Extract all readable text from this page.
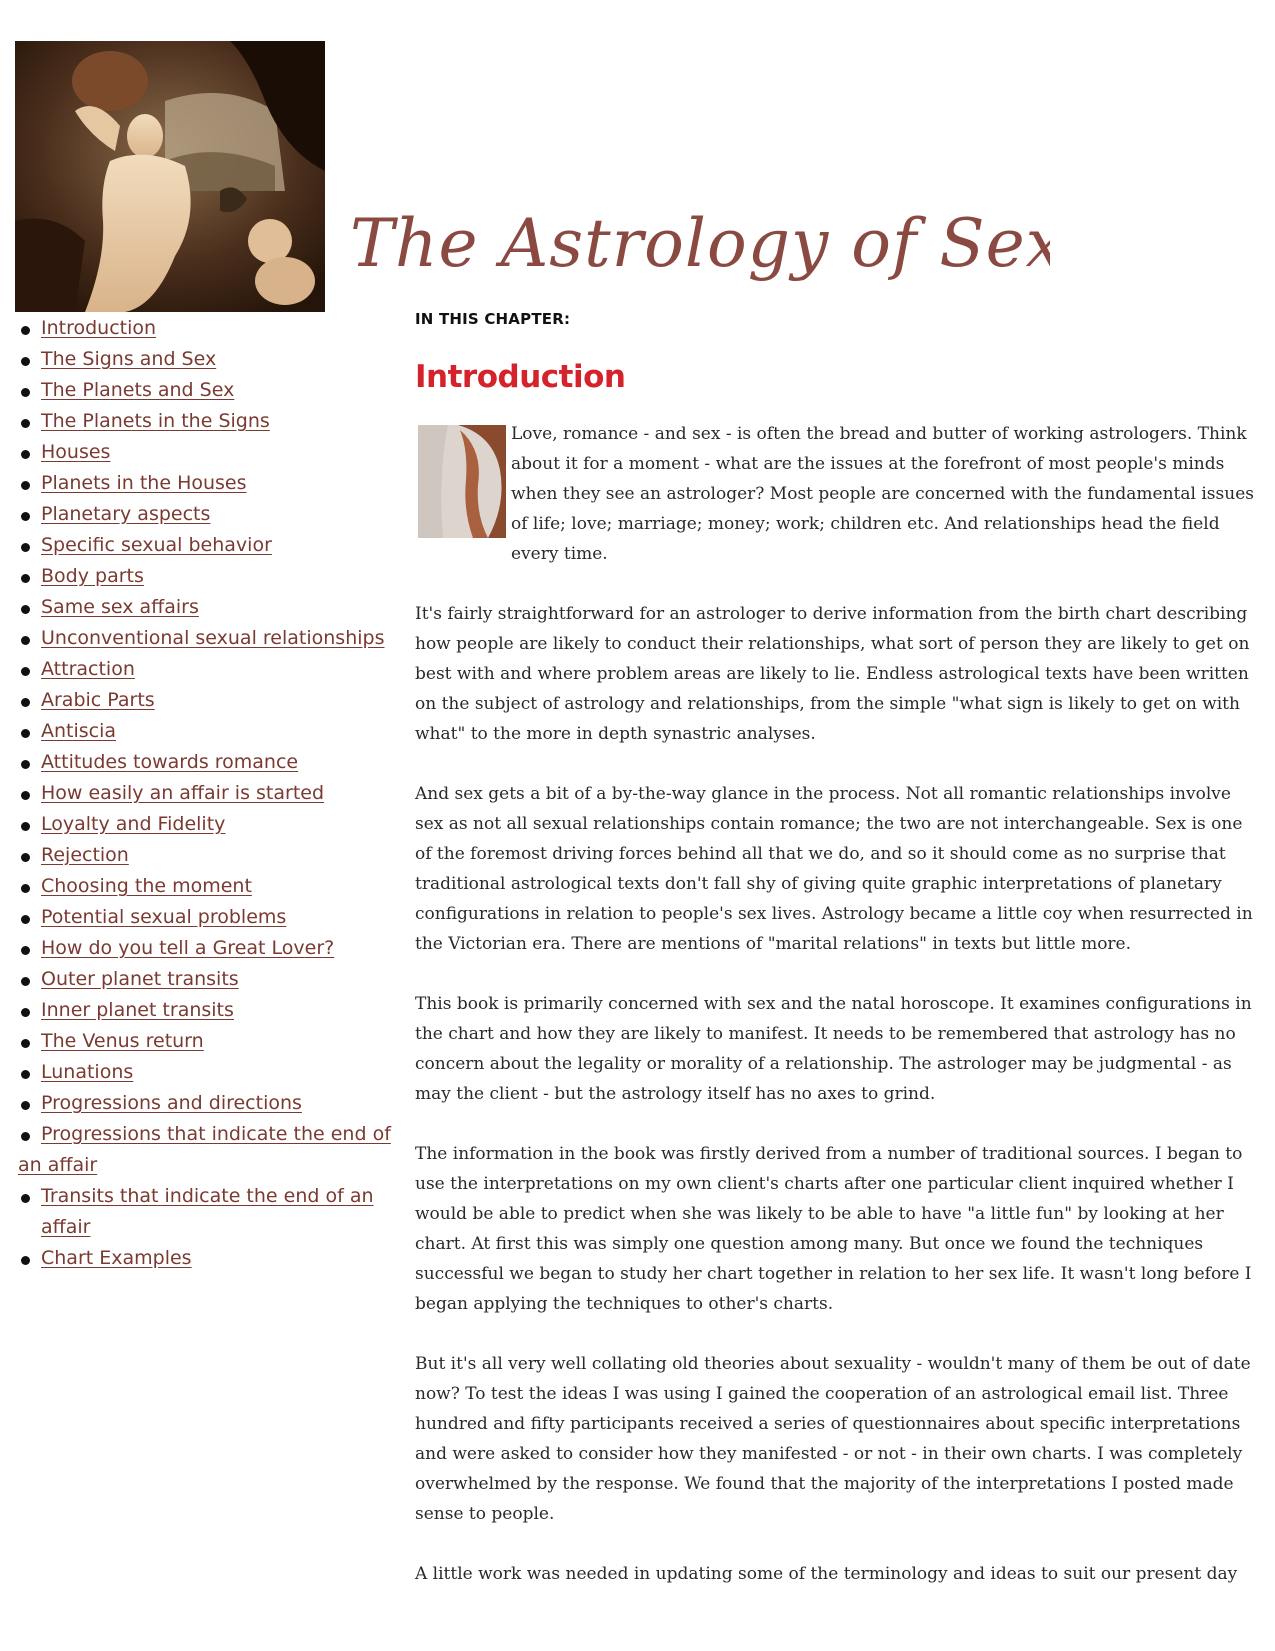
The Astrology of Sex
Introduction
The Signs and Sex
The Planets and Sex
The Planets in the Signs
Houses
Planets in the Houses
Planetary aspects
Specific sexual behavior
Body parts
Same sex affairs
Unconventional sexual relationships
Attraction
Arabic Parts
Antiscia
Attitudes towards romance
How easily an affair is started
Loyalty and Fidelity
Rejection
Choosing the moment
Potential sexual problems
How do you tell a Great Lover?
Outer planet transits
Inner planet transits
The Venus return
Lunations
Progressions and directions
Progressions that indicate the end of an affair
Transits that indicate the end of an affair
Chart Examples

IN THIS CHAPTER:

Introduction

Love, romance - and sex - is often the bread and butter of working astrologers. Think about it for a moment - what are the issues at the forefront of most people's minds when they see an astrologer? Most people are concerned with the fundamental issues of life; love; marriage; money; work; children etc. And relationships head the field every time.

It's fairly straightforward for an astrologer to derive information from the birth chart describing how people are likely to conduct their relationships, what sort of person they are likely to get on best with and where problem areas are likely to lie. Endless astrological texts have been written on the subject of astrology and relationships, from the simple "what sign is likely to get on with what" to the more in depth synastric analyses.

And sex gets a bit of a by-the-way glance in the process. Not all romantic relationships involve sex as not all sexual relationships contain romance; the two are not interchangeable. Sex is one of the foremost driving forces behind all that we do, and so it should come as no surprise that traditional astrological texts don't fall shy of giving quite graphic interpretations of planetary configurations in relation to people's sex lives. Astrology became a little coy when resurrected in the Victorian era. There are mentions of "marital relations" in texts but little more.

This book is primarily concerned with sex and the natal horoscope. It examines configurations in the chart and how they are likely to manifest. It needs to be remembered that astrology has no concern about the legality or morality of a relationship. The astrologer may be judgmental - as may the client - but the astrology itself has no axes to grind.

The information in the book was firstly derived from a number of traditional sources. I began to use the interpretations on my own client's charts after one particular client inquired whether I would be able to predict when she was likely to be able to have "a little fun" by looking at her chart. At first this was simply one question among many. But once we found the techniques successful we began to study her chart together in relation to her sex life. It wasn't long before I began applying the techniques to other's charts.

But it's all very well collating old theories about sexuality - wouldn't many of them be out of date now? To test the ideas I was using I gained the cooperation of an astrological email list. Three hundred and fifty participants received a series of questionnaires about specific interpretations and were asked to consider how they manifested - or not - in their own charts. I was completely overwhelmed by the response. We found that the majority of the interpretations I posted made sense to people.

A little work was needed in updating some of the terminology and ideas to suit our present day
